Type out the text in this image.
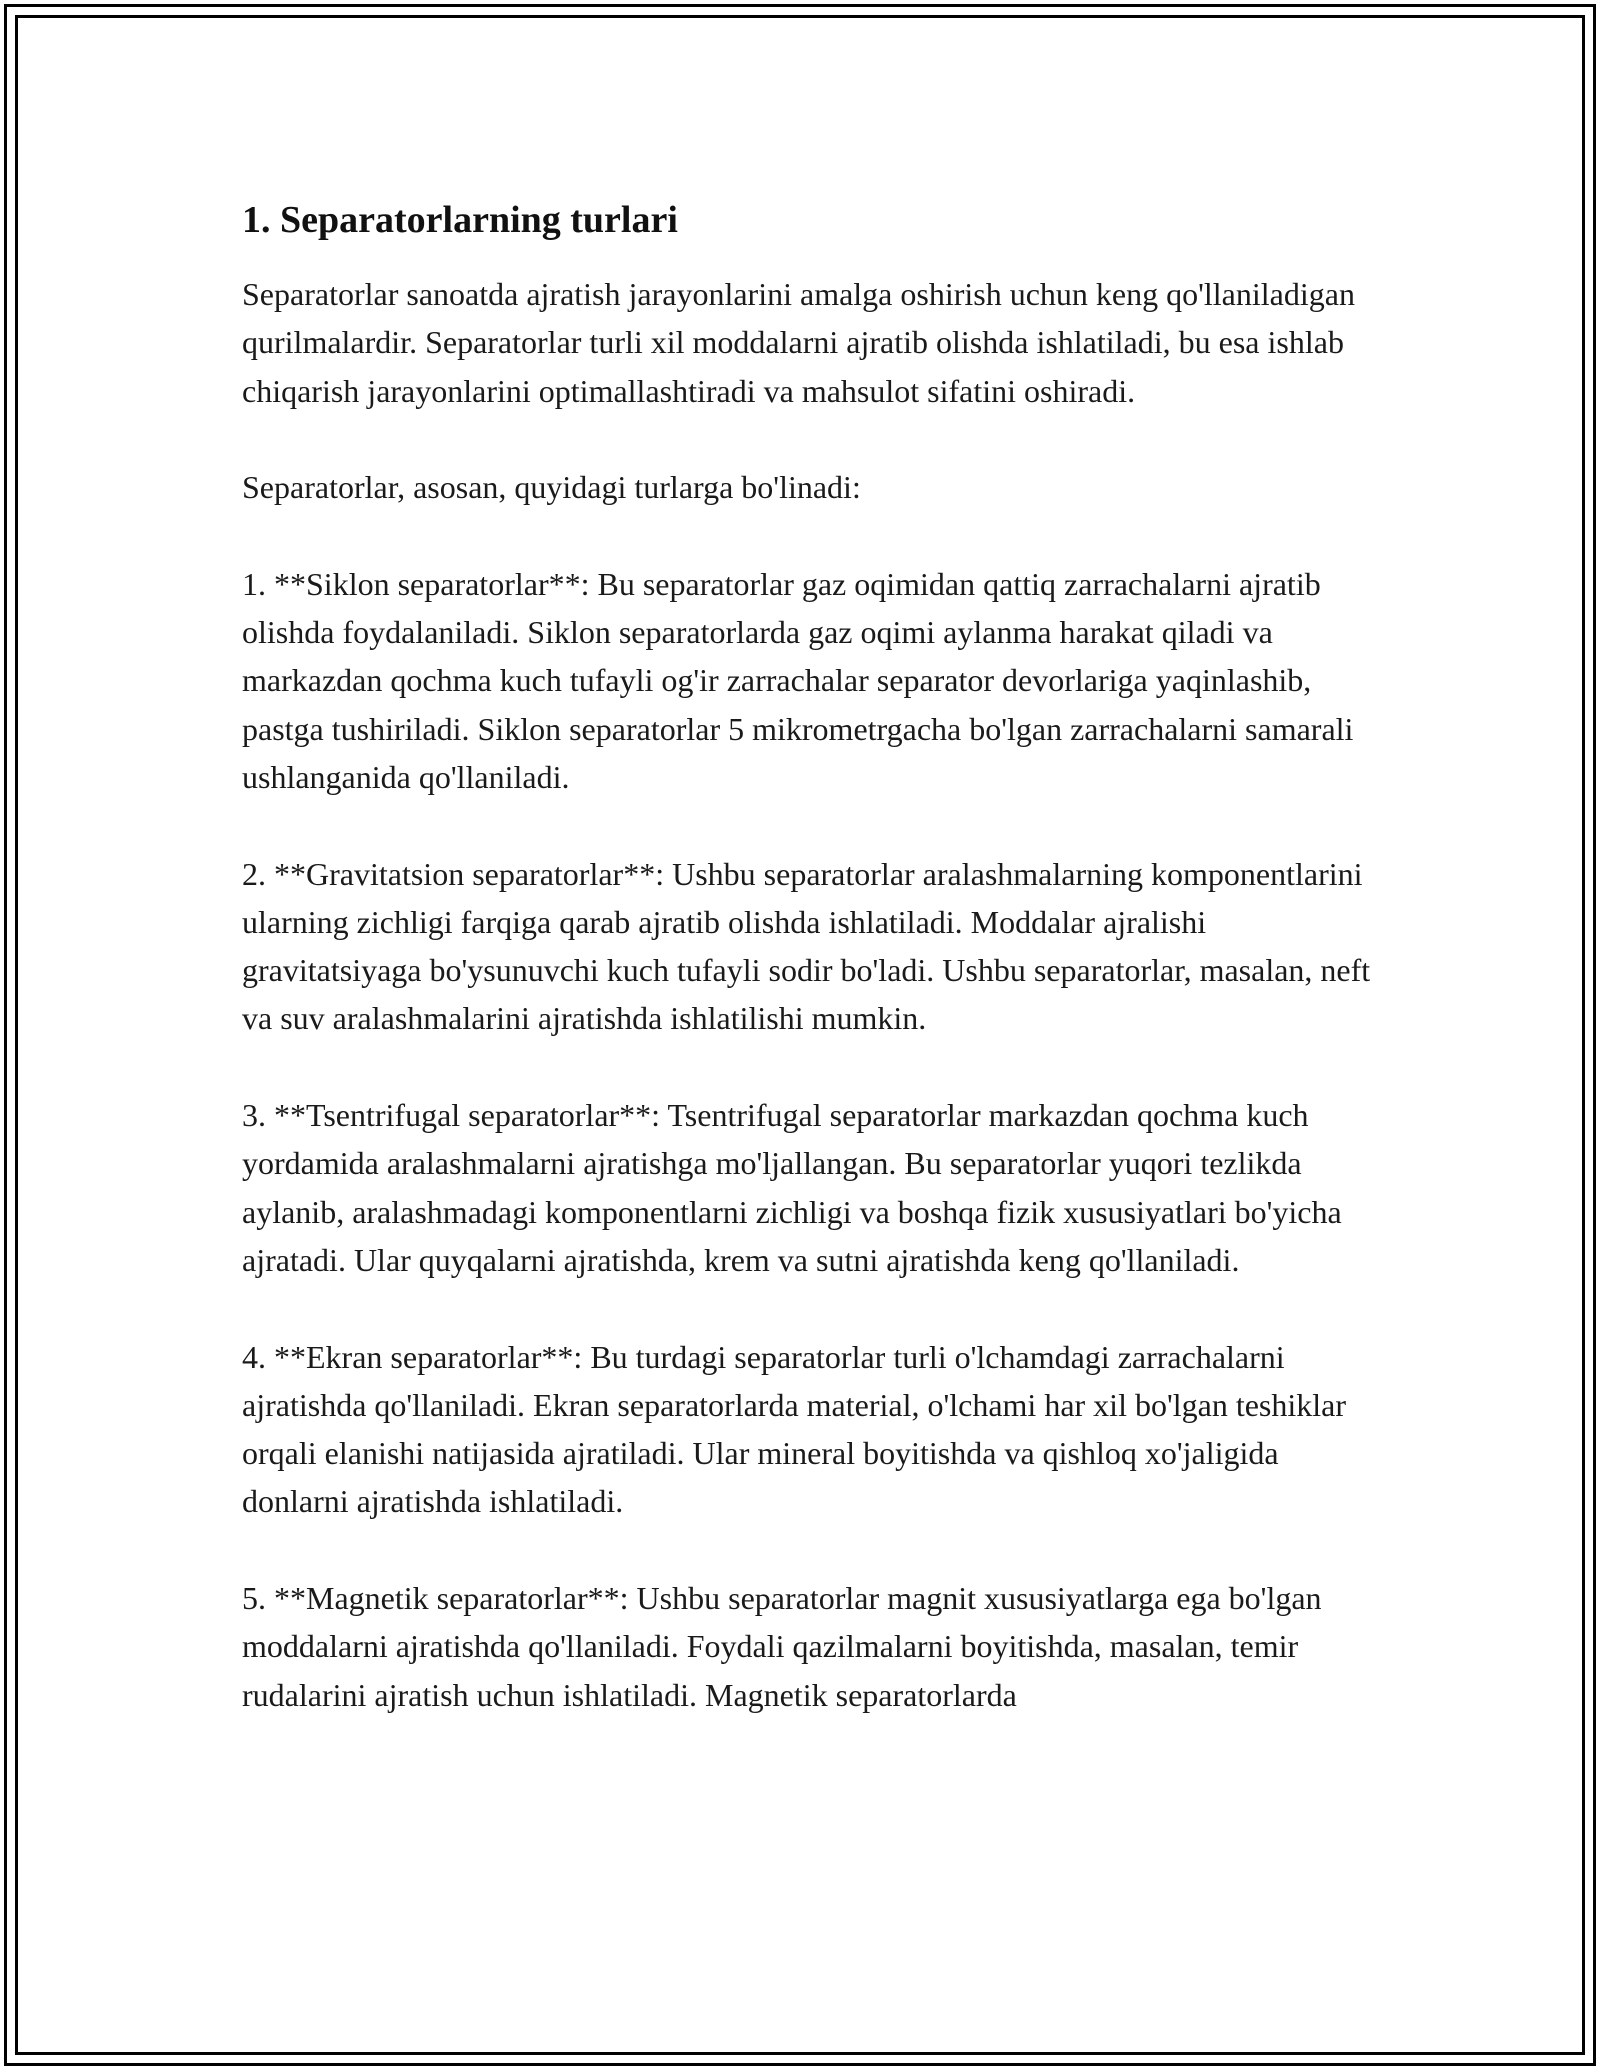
1. Separatorlarning turlari

Separatorlar sanoatda ajratish jarayonlarini amalga oshirish uchun keng qo'llaniladigan qurilmalardir. Separatorlar turli xil moddalarni ajratib olishda ishlatiladi, bu esa ishlab chiqarish jarayonlarini optimallashtiradi va mahsulot sifatini oshiradi.

Separatorlar, asosan, quyidagi turlarga bo'linadi:

1. **Siklon separatorlar**: Bu separatorlar gaz oqimidan qattiq zarrachalarni ajratib olishda foydalaniladi. Siklon separatorlarda gaz oqimi aylanma harakat qiladi va markazdan qochma kuch tufayli og'ir zarrachalar separator devorlariga yaqinlashib, pastga tushiriladi. Siklon separatorlar 5 mikrometrgacha bo'lgan zarrachalarni samarali ushlanganida qo'llaniladi.

2. **Gravitatsion separatorlar**: Ushbu separatorlar aralashmalarning komponentlarini ularning zichligi farqiga qarab ajratib olishda ishlatiladi. Moddalar ajralishi gravitatsiyaga bo'ysunuvchi kuch tufayli sodir bo'ladi. Ushbu separatorlar, masalan, neft va suv aralashmalarini ajratishda ishlatilishi mumkin.

3. **Tsentrifugal separatorlar**: Tsentrifugal separatorlar markazdan qochma kuch yordamida aralashmalarni ajratishga mo'ljallangan. Bu separatorlar yuqori tezlikda aylanib, aralashmadagi komponentlarni zichligi va boshqa fizik xususiyatlari bo'yicha ajratadi. Ular quyqalarni ajratishda, krem va sutni ajratishda keng qo'llaniladi.

4. **Ekran separatorlar**: Bu turdagi separatorlar turli o'lchamdagi zarrachalarni ajratishda qo'llaniladi. Ekran separatorlarda material, o'lchami har xil bo'lgan teshiklar orqali elanishi natijasida ajratiladi. Ular mineral boyitishda va qishloq xo'jaligida donlarni ajratishda ishlatiladi.

5. **Magnetik separatorlar**: Ushbu separatorlar magnit xususiyatlarga ega bo'lgan moddalarni ajratishda qo'llaniladi. Foydali qazilmalarni boyitishda, masalan, temir rudalarini ajratish uchun ishlatiladi. Magnetik separatorlarda
